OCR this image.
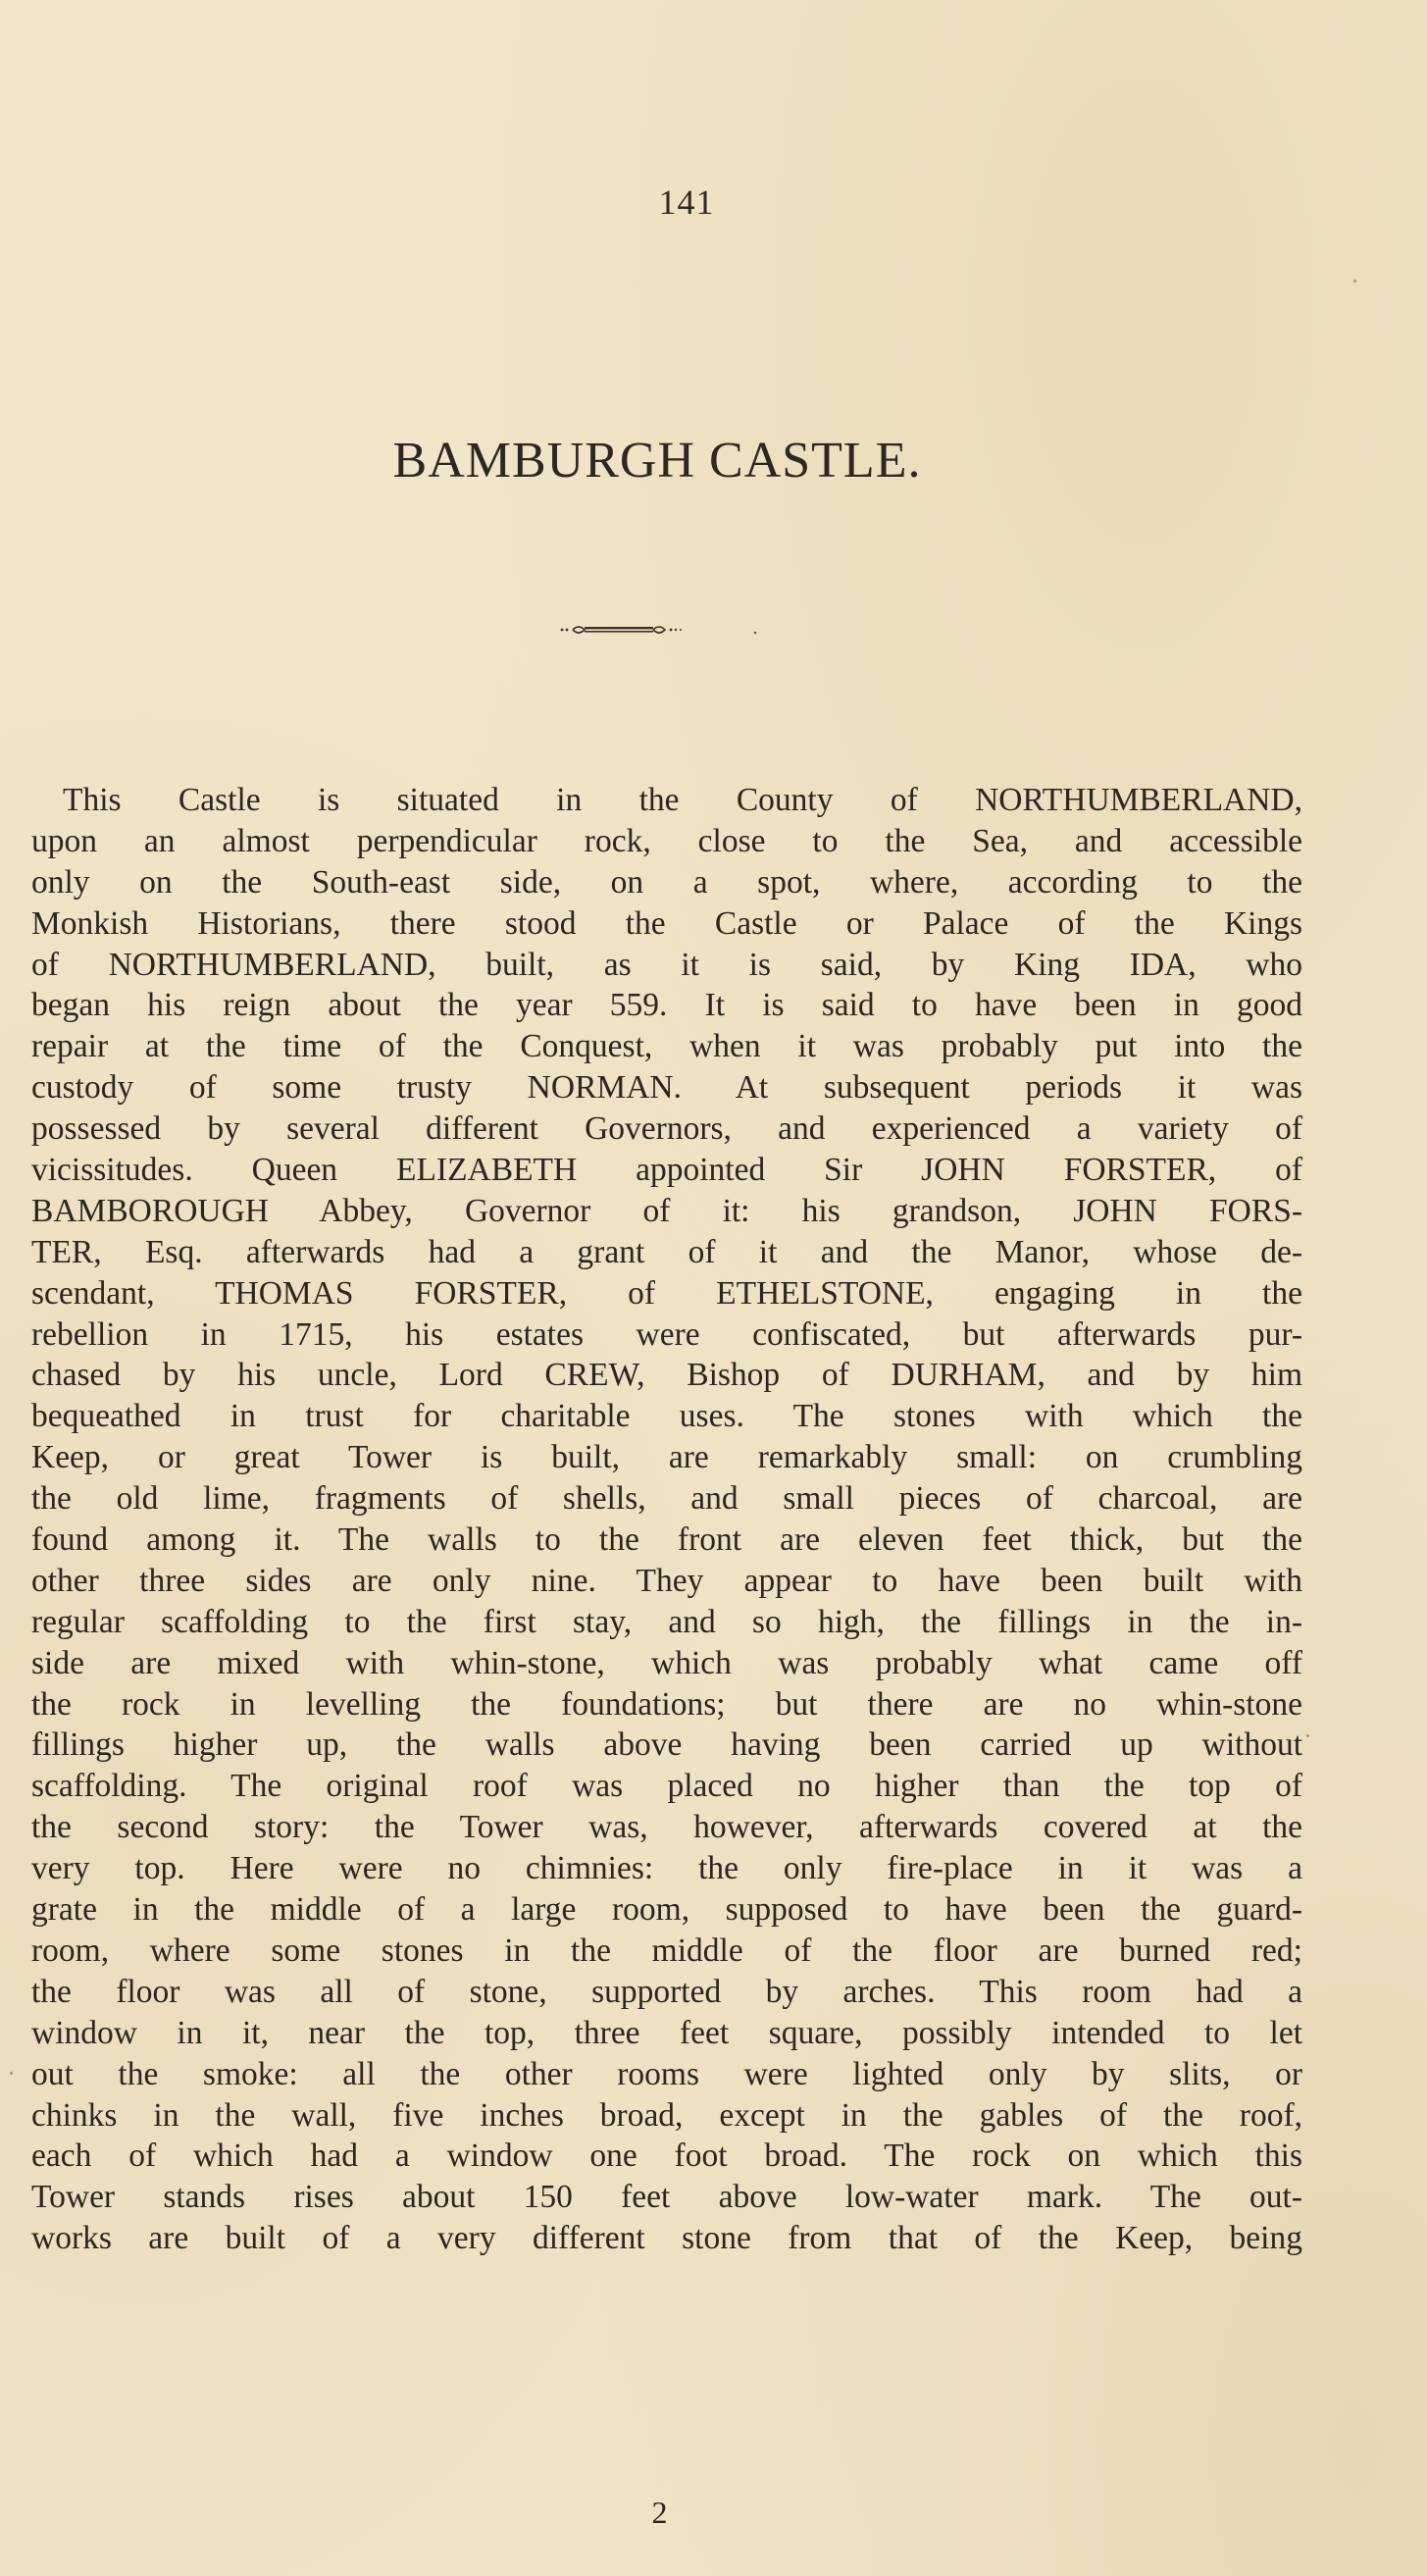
141
BAMBURGH CASTLE.
This Castle is situated in the County of NORTHUMBERLAND,
upon an almost perpendicular rock, close to the Sea, and accessible
only on the South-east side, on a spot, where, according to the
Monkish Historians, there stood the Castle or Palace of the Kings
of NORTHUMBERLAND, built, as it is said, by King IDA, who
began his reign about the year 559. It is said to have been in good
repair at the time of the Conquest, when it was probably put into the
custody of some trusty NORMAN. At subsequent periods it was
possessed by several different Governors, and experienced a variety of
vicissitudes. Queen ELIZABETH appointed Sir JOHN FORSTER, of
BAMBOROUGH Abbey, Governor of it: his grandson, JOHN FORS-
TER, Esq. afterwards had a grant of it and the Manor, whose de-
scendant, THOMAS FORSTER, of ETHELSTONE, engaging in the
rebellion in 1715, his estates were confiscated, but afterwards pur-
chased by his uncle, Lord CREW, Bishop of DURHAM, and by him
bequeathed in trust for charitable uses. The stones with which the
Keep, or great Tower is built, are remarkably small: on crumbling
the old lime, fragments of shells, and small pieces of charcoal, are
found among it. The walls to the front are eleven feet thick, but the
other three sides are only nine. They appear to have been built with
regular scaffolding to the first stay, and so high, the fillings in the in-
side are mixed with whin-stone, which was probably what came off
the rock in levelling the foundations; but there are no whin-stone
fillings higher up, the walls above having been carried up without
scaffolding. The original roof was placed no higher than the top of
the second story: the Tower was, however, afterwards covered at the
very top. Here were no chimnies: the only fire-place in it was a
grate in the middle of a large room, supposed to have been the guard-
room, where some stones in the middle of the floor are burned red;
the floor was all of stone, supported by arches. This room had a
window in it, near the top, three feet square, possibly intended to let
out the smoke: all the other rooms were lighted only by slits, or
chinks in the wall, five inches broad, except in the gables of the roof,
each of which had a window one foot broad. The rock on which this
Tower stands rises about 150 feet above low-water mark. The out-
works are built of a very different stone from that of the Keep, being
2
